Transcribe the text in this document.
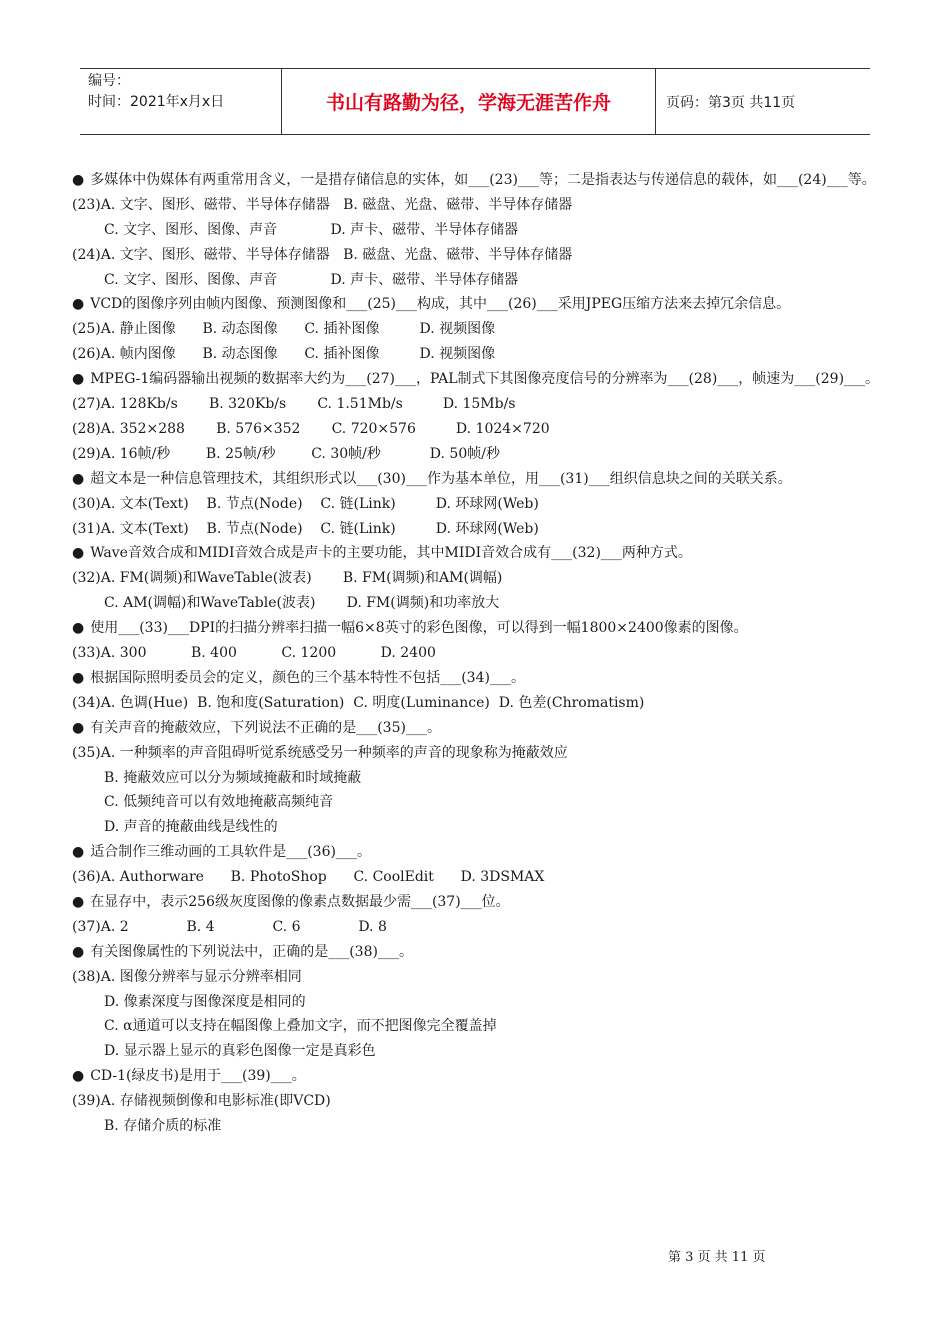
编号：
时间：2021年x月x日	书山有路勤为径，学海无涯苦作舟	页码：第3页 共11页
● 多媒体中伪媒体有两重常用含义，一是措存储信息的实体，如___(23)___等；二是指表达与传递信息的载体，如___(24)___等。
(23)A. 文字、图形、磁带、半导体存储器   B. 磁盘、光盘、磁带、半导体存储器
C. 文字、图形、图像、声音            D. 声卡、磁带、半导体存储器
(24)A. 文字、图形、磁带、半导体存储器   B. 磁盘、光盘、磁带、半导体存储器
C. 文字、图形、图像、声音            D. 声卡、磁带、半导体存储器
● VCD的图像序列由帧内图像、预测图像和___(25)___构成，其中___(26)___采用JPEG压缩方法来去掉冗余信息。
(25)A. 静止图像      B. 动态图像      C. 插补图像         D. 视频图像
(26)A. 帧内图像      B. 动态图像      C. 插补图像         D. 视频图像
● MPEG-1编码器输出视频的数据率大约为___(27)___，PAL制式下其图像亮度信号的分辨率为___(28)___，帧速为___(29)___。
(27)A. 128Kb/s       B. 320Kb/s       C. 1.51Mb/s         D. 15Mb/s
(28)A. 352×288       B. 576×352       C. 720×576         D. 1024×720
(29)A. 16帧/秒        B. 25帧/秒        C. 30帧/秒           D. 50帧/秒
● 超文本是一种信息管理技术，其组织形式以___(30)___作为基本单位，用___(31)___组织信息块之间的关联关系。
(30)A. 文本(Text)    B. 节点(Node)    C. 链(Link)         D. 环球网(Web)
(31)A. 文本(Text)    B. 节点(Node)    C. 链(Link)         D. 环球网(Web)
● Wave音效合成和MIDI音效合成是声卡的主要功能，其中MIDI音效合成有___(32)___两种方式。
(32)A. FM(调频)和WaveTable(波表)       B. FM(调频)和AM(调幅)
C. AM(调幅)和WaveTable(波表)       D. FM(调频)和功率放大
● 使用___(33)___DPI的扫描分辨率扫描一幅6×8英寸的彩色图像，可以得到一幅1800×2400像素的图像。
(33)A. 300          B. 400          C. 1200          D. 2400
● 根据国际照明委员会的定义，颜色的三个基本特性不包括___(34)___。
(34)A. 色调(Hue)  B. 饱和度(Saturation)  C. 明度(Luminance)  D. 色差(Chromatism)
● 有关声音的掩蔽效应，下列说法不正确的是___(35)___。
(35)A. 一种频率的声音阻碍听觉系统感受另一种频率的声音的现象称为掩蔽效应
B. 掩蔽效应可以分为频域掩蔽和时域掩蔽
C. 低频纯音可以有效地掩蔽高频纯音
D. 声音的掩蔽曲线是线性的
● 适合制作三维动画的工具软件是___(36)___。
(36)A. Authorware      B. PhotoShop      C. CoolEdit      D. 3DSMAX
● 在显存中，表示256级灰度图像的像素点数据最少需___(37)___位。
(37)A. 2             B. 4             C. 6             D. 8
● 有关图像属性的下列说法中，正确的是___(38)___。
(38)A. 图像分辨率与显示分辨率相同
D. 像素深度与图像深度是相同的
C. α通道可以支持在幅图像上叠加文字，而不把图像完全覆盖掉
D. 显示器上显示的真彩色图像一定是真彩色
● CD-1(绿皮书)是用于___(39)___。
(39)A. 存储视频倒像和电影标准(即VCD)
B. 存储介质的标准
第 3 页 共 11 页
